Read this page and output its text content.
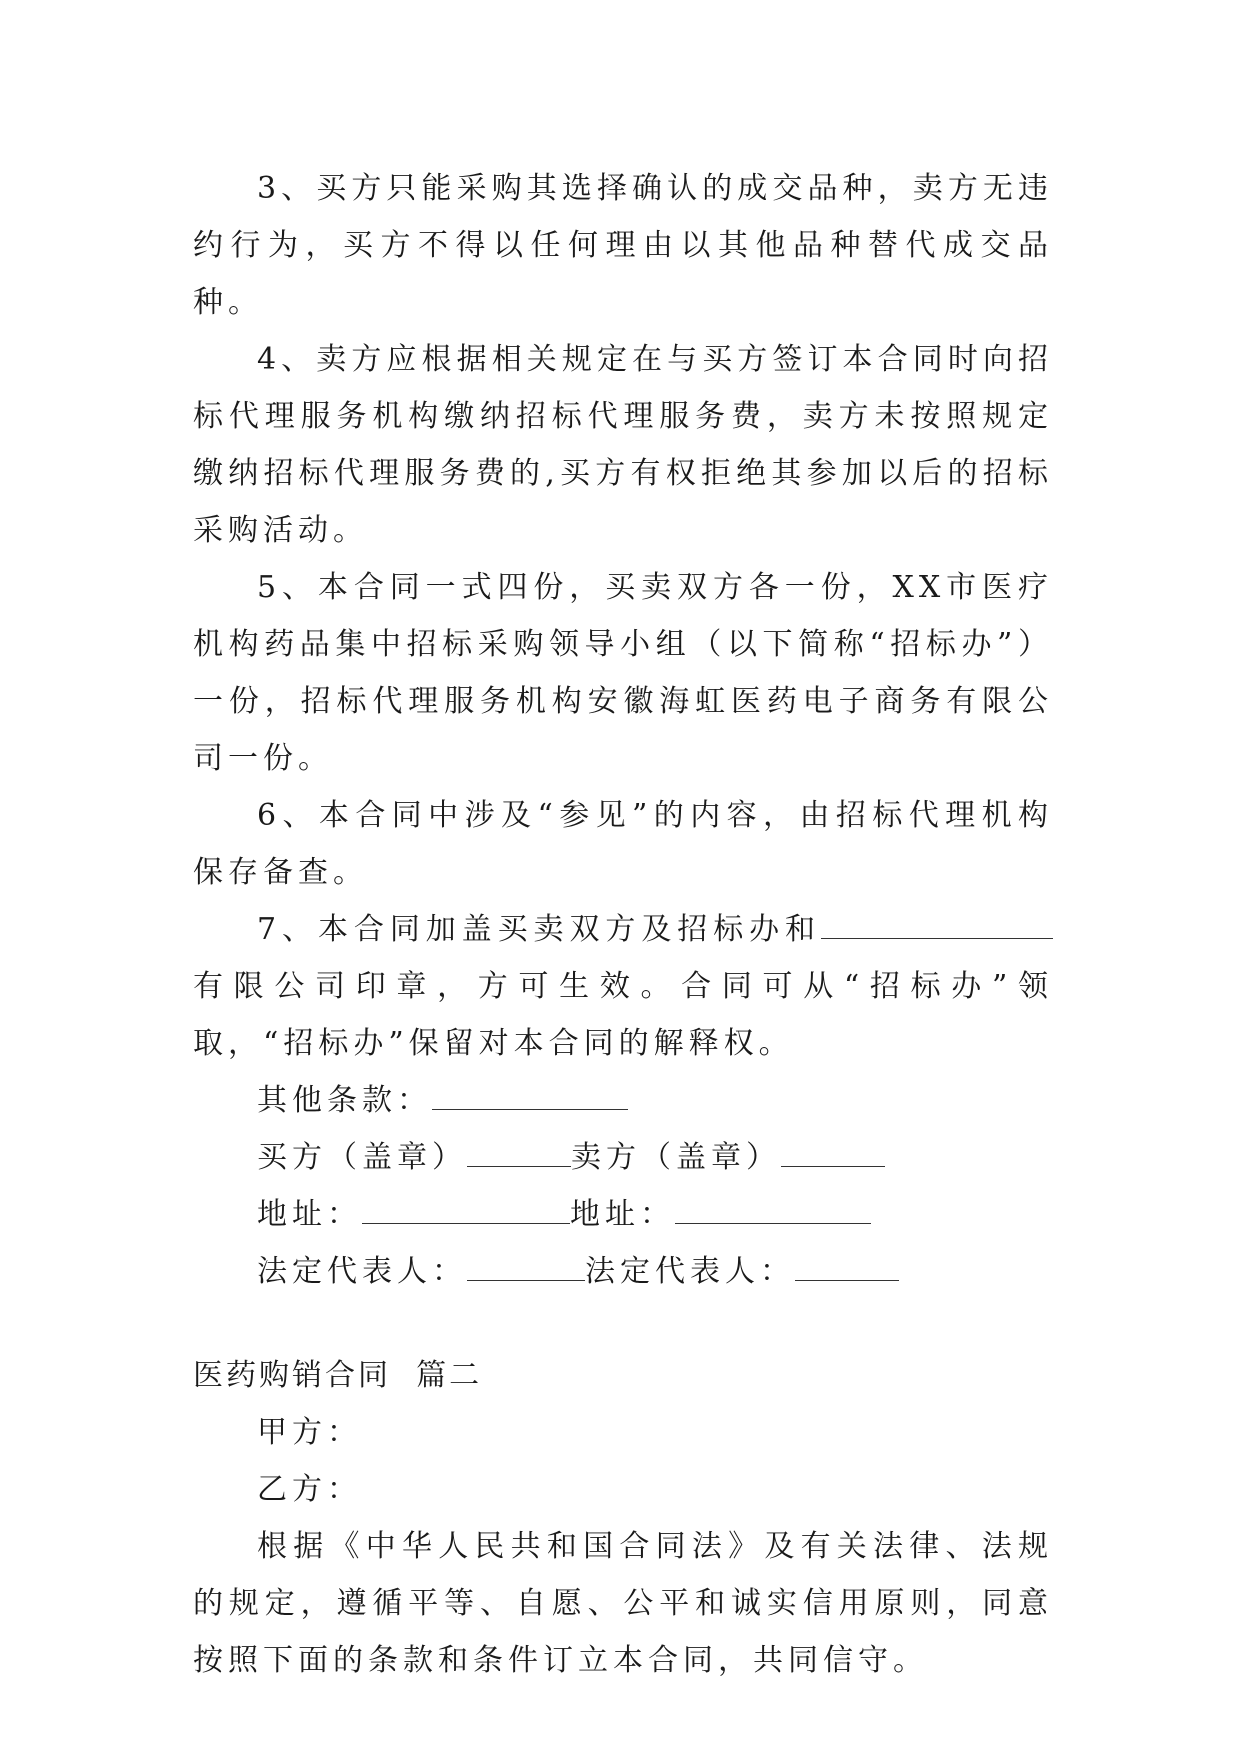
3、买方只能采购其选择确认的成交品种，卖方无违约行为，买方不得以任何理由以其他品种替代成交品种。

4、卖方应根据相关规定在与买方签订本合同时向招标代理服务机构缴纳招标代理服务费，卖方未按照规定缴纳招标代理服务费的,买方有权拒绝其参加以后的招标采购活动。

5、本合同一式四份，买卖双方各一份，XX市医疗机构药品集中招标采购领导小组（以下简称“招标办”）一份，招标代理服务机构安徽海虹医药电子商务有限公司一份。

6、本合同中涉及“参见”的内容，由招标代理机构保存备查。

7、本合同加盖买卖双方及招标办和有限公司印章，方可生效。合同可从“招标办”领取，“招标办”保留对本合同的解释权。

其他条款：
买方（盖章）	卖方（盖章）
地址：	地址：
法定代表人：	法定代表人：
医药购销合同  篇二
甲方：
乙方：

根据《中华人民共和国合同法》及有关法律、法规的规定，遵循平等、自愿、公平和诚实信用原则，同意按照下面的条款和条件订立本合同，共同信守。
